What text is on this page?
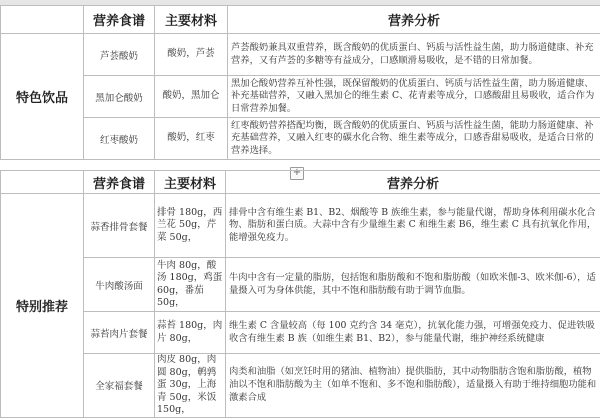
	营养食谱	主要材料	营养分析
特色饮品	芦荟酸奶	酸奶，芦荟	芦荟酸奶兼具双重营养，既含酸奶的优质蛋白、钙质与活性益生菌，助力肠道健康、补充营养，又有芦荟的多糖等有益成分，口感顺滑易吸收，是不错的日常加餐。
	黑加仑酸奶	酸奶，黑加仑	黑加仑酸奶营养互补性强，既保留酸奶的优质蛋白、钙质与活性益生菌，助力肠道健康、补充基础营养，又融入黑加仑的维生素 C、花青素等成分，口感酸甜且易吸收，适合作为日常营养加餐。
	红枣酸奶	酸奶，红枣	红枣酸奶营养搭配均衡，既含酸奶的优质蛋白、钙质与活性益生菌，能助力肠道健康、补充基础营养，又融入红枣的碳水化合物、维生素等成分，口感香甜易吸收，是适合日常的营养选择。
+
	营养食谱	主要材料	营养分析
特别推荐	蒜香排骨套餐	排骨 180g，西兰花 50g，芹菜 50g，	排骨中含有维生素 B1、B2、烟酸等 B 族维生素，参与能量代谢，帮助身体利用碳水化合物、脂肪和蛋白质。大蒜中含有少量维生素 C 和维生素 B6，维生素 C 具有抗氧化作用，能增强免疫力。
	牛肉酸汤面	牛肉 80g，酸汤 180g，鸡蛋 60g，番茄 50g，	牛肉中含有一定量的脂肪，包括饱和脂肪酸和不饱和脂肪酸（如欧米伽-3、欧米伽-6），适量摄入可为身体供能，其中不饱和脂肪酸有助于调节血脂。
	蒜苔肉片套餐	蒜苔 180g，肉片 80g，	维生素 C 含量较高（每 100 克约含 34 毫克），抗氧化能力强，可增强免疫力、促进铁吸收含有维生素 B 族（如维生素 B1、B2），参与能量代谢，维护神经系统健康
	全家福套餐	肉皮 80g，肉圆 80g，鹌鹑蛋 30g，上海青 50g，米饭 150g，	肉类和油脂（如烹饪时用的猪油、植物油）提供脂肪，其中动物脂肪含饱和脂肪酸，植物油以不饱和脂肪酸为主（如单不饱和、多不饱和脂肪酸），适量摄入有助于维持细胞功能和激素合成
